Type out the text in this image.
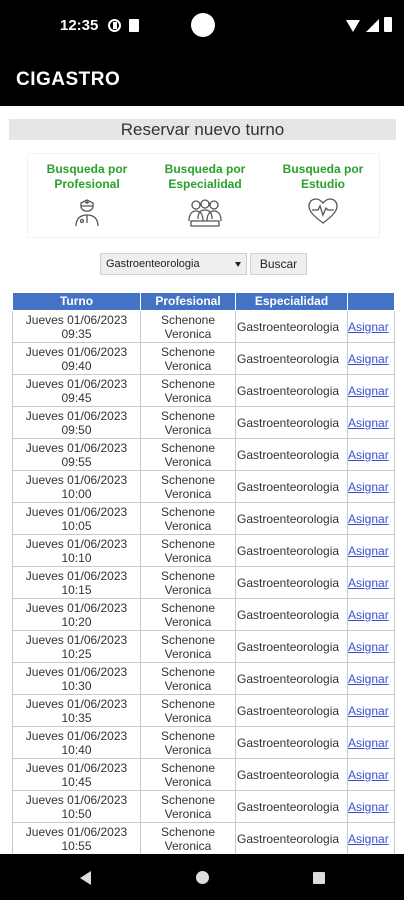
12:35
CIGASTRO
Reservar nuevo turno
Busqueda por Profesional
Busqueda por Especialidad
Busqueda por Estudio
Gastroenteorologia	Buscar
Turno	Profesional	Especialidad	
Jueves 01/06/2023 09:35	Schenone Veronica	Gastroenteorologia	Asignar
Jueves 01/06/2023 09:40	Schenone Veronica	Gastroenteorologia	Asignar
Jueves 01/06/2023 09:45	Schenone Veronica	Gastroenteorologia	Asignar
Jueves 01/06/2023 09:50	Schenone Veronica	Gastroenteorologia	Asignar
Jueves 01/06/2023 09:55	Schenone Veronica	Gastroenteorologia	Asignar
Jueves 01/06/2023 10:00	Schenone Veronica	Gastroenteorologia	Asignar
Jueves 01/06/2023 10:05	Schenone Veronica	Gastroenteorologia	Asignar
Jueves 01/06/2023 10:10	Schenone Veronica	Gastroenteorologia	Asignar
Jueves 01/06/2023 10:15	Schenone Veronica	Gastroenteorologia	Asignar
Jueves 01/06/2023 10:20	Schenone Veronica	Gastroenteorologia	Asignar
Jueves 01/06/2023 10:25	Schenone Veronica	Gastroenteorologia	Asignar
Jueves 01/06/2023 10:30	Schenone Veronica	Gastroenteorologia	Asignar
Jueves 01/06/2023 10:35	Schenone Veronica	Gastroenteorologia	Asignar
Jueves 01/06/2023 10:40	Schenone Veronica	Gastroenteorologia	Asignar
Jueves 01/06/2023 10:45	Schenone Veronica	Gastroenteorologia	Asignar
Jueves 01/06/2023 10:50	Schenone Veronica	Gastroenteorologia	Asignar
Jueves 01/06/2023 10:55	Schenone Veronica	Gastroenteorologia	Asignar
